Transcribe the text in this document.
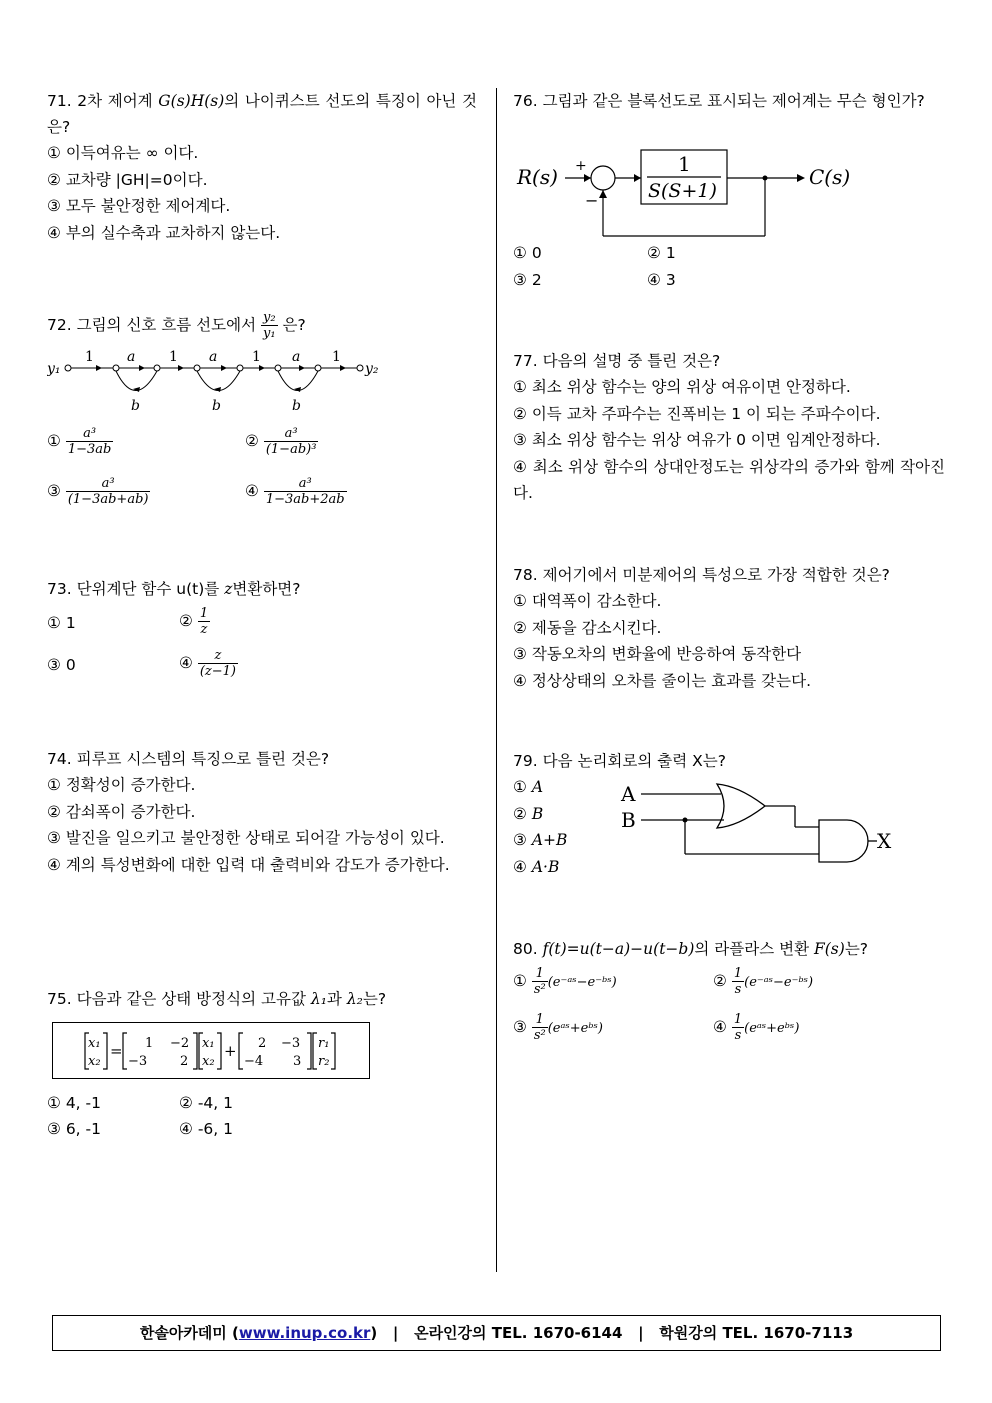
71. 2차 제어계 G(s)H(s)의 나이퀴스트 선도의 특징이 아닌 것은?
① 이득여유는 ∞ 이다.
② 교차량 |GH|=0이다.
③ 모두 불안정한 제어계다.
④ 부의 실수축과 교차하지 않는다.
72. 그림의 신호 흐름 선도에서 $\frac{\text{y₂}}{\text{y₁}}$ 은?
y₁	y₂
1 a 1 a 1 a 1
b	b	b
① $\frac{\text{a³}}{1-3ab}$	② $\frac{\text{a³}}{\text{(1−ab)³}}$
③ $\frac{\text{a³}}{(1-3ab+ab)}$	④ $\frac{\text{a³}}{1-3ab+2ab}$
73. 단위계단 함수 u(t)를 z변환하면?
① 1	② $\frac{1}{z}$
③ 0	④ $\frac{z}{(z-1)}$
74. 피루프 시스템의 특징으로 틀린 것은?
① 정확성이 증가한다.
② 감쇠폭이 증가한다.
③ 발진을 일으키고 불안정한 상태로 되어갈 가능성이 있다.
④ 계의 특성변화에 대한 입력 대 출력비와 감도가 증가한다.
75. 다음과 같은 상태 방정식의 고유값 λ₁과 λ₂는?
x₁
x₂
= 1 −2
−3	2
x₁
x₂
+ 2 −3
−4 3
r₁
r₂
① 4, -1	② -4, 1
③ 6, -1	④ -6, 1
76. 그림과 같은 블록선도로 표시되는 제어계는 무슨 형인가?
R(s)	C(s)
+
−
1
S(S+1)
① 0	② 1
③ 2	④ 3
77. 다음의 설명 중 틀린 것은?
① 최소 위상 함수는 양의 위상 여유이면 안정하다.
② 이득 교차 주파수는 진폭비는 1 이 되는 주파수이다.
③ 최소 위상 함수는 위상 여유가 0 이면 임계안정하다.
④ 최소 위상 함수의 상대안정도는 위상각의 증가와 함께 작아진다.
78. 제어기에서 미분제어의 특성으로 가장 적합한 것은?
① 대역폭이 감소한다.
② 제동을 감소시킨다.
③ 작동오차의 변화율에 반응하여 동작한다
④ 정상상태의 오차를 줄이는 효과를 갖는다.
79. 다음 논리회로의 출력 X는?
① A
② B
③ A+B
④ A·B
A
B
X
80. f(t)=u(t−a)−u(t−b)의 라플라스 변환 F(s)는?
① $\frac{1}{\text{s²}}$ (e⁻ᵃˢ−e⁻ᵇˢ)	② $\frac{1}{s}$ (e⁻ᵃˢ−e⁻ᵇˢ)
③ $\frac{1}{\text{s²}}$ (eᵃˢ+eᵇˢ)	④ $\frac{1}{s}$ (eᵃˢ+eᵇˢ)
한솔아카데미 (www.inup.co.kr) | 온라인강의 TEL. 1670-6144 | 학원강의 TEL. 1670-7113
